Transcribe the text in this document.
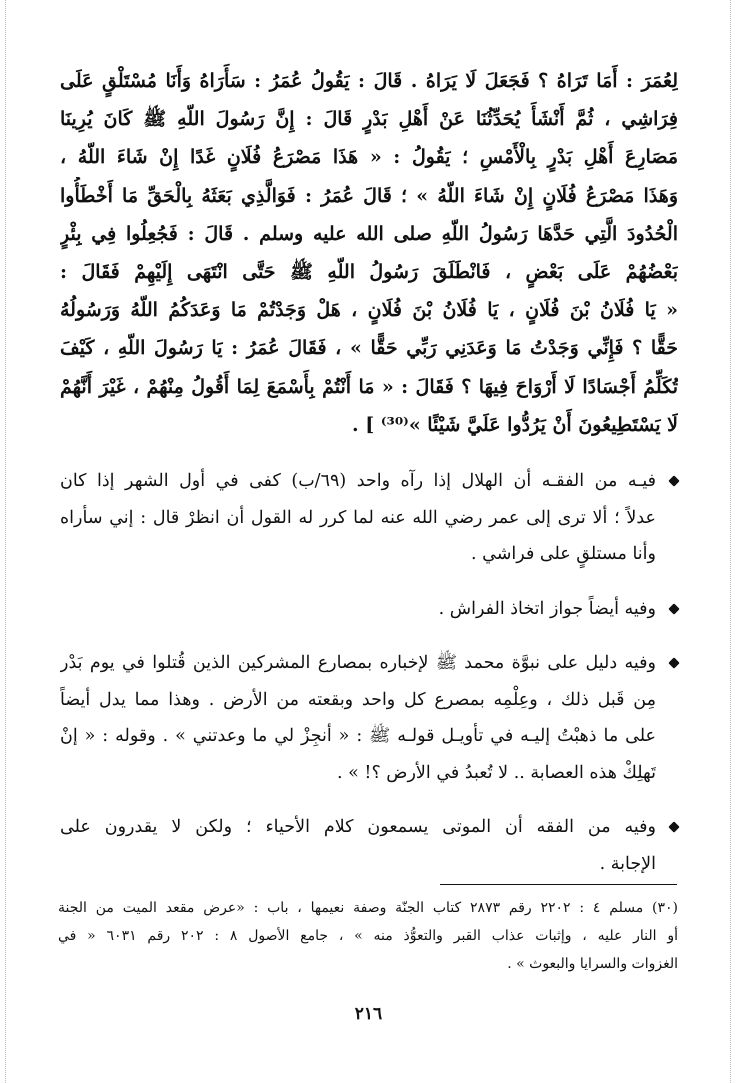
لِعُمَرَ : أَمَا تَرَاهُ ؟ فَجَعَلَ لَا يَرَاهُ . قَالَ : يَقُولُ عُمَرُ : سَأَرَاهُ وَأَنَا مُسْتَلْقٍ عَلَى
فِرَاشِي ، ثُمَّ أَنْشَأَ يُحَدِّثُنَا عَنْ أَهْلِ بَدْرٍ قَالَ : إِنَّ رَسُولَ اللّهِ ﷺ كَانَ يُرِينَا
مَصَارِعَ أَهْلِ بَدْرٍ بِالْأَمْسِ ؛ يَقُولُ : « هَذَا مَصْرَعُ فُلَانٍ غَدًا إِنْ شَاءَ اللّهُ ،
وَهَذَا مَصْرَعُ فُلَانٍ إِنْ شَاءَ اللّهُ » ؛ قَالَ عُمَرُ : فَوَالَّذِي بَعَثَهُ بِالْحَقِّ مَا أَخْطَأُوا
الْحُدُودَ الَّتِي حَدَّهَا رَسُولُ اللّهِ صلى الله عليه وسلم . قَالَ : فَجُعِلُوا فِي بِئْرٍ
بَعْضُهُمْ عَلَى بَعْضٍ ، فَانْطَلَقَ رَسُولُ اللّهِ ﷺ حَتَّى انْتَهَى إِلَيْهِمْ فَقَالَ :
« يَا فُلَانُ بْنَ فُلَانٍ ، يَا فُلَانُ بْنَ فُلَانٍ ، هَلْ وَجَدْتُمْ مَا وَعَدَكُمُ اللّهُ وَرَسُولُهُ
حَقًّا ؟ فَإِنِّي وَجَدْتُ مَا وَعَدَنِي رَبِّي حَقًّا » ، فَقَالَ عُمَرُ : يَا رَسُولَ اللّهِ ، كَيْفَ
تُكَلِّمُ أَجْسَادًا لَا أَرْوَاحَ فِيهَا ؟ فَقَالَ : « مَا أَنْتُمْ بِأَسْمَعَ لِمَا أَقُولُ مِنْهُمْ ، غَيْرَ أَنَّهُمْ
لَا يَسْتَطِيعُونَ أَنْ يَرُدُّوا عَلَيَّ شَيْئًا »⁽³⁰⁾ ] .
فيـه من الفقـه أن الهلال إذا رآه واحد (٦٩/ب) كفى في أول الشهر إذا كان
عدلاً ؛ ألا ترى إلى عمر رضي الله عنه لما كرر له القول أن انظرْ قال : إني سأراه
وأنا مستلقٍ على فراشي .
وفيه أيضاً جواز اتخاذ الفراش .
وفيه دليل على نبوَّة محمد ﷺ لإخباره بمصارع المشركين الذين قُتلوا في يوم بَدْر
مِن قَبل ذلك ، وعِلْمِه بمصرع كل واحد وبقعته من الأرض . وهذا مما يدل أيضاً
على ما ذهبْتُ إليـه في تأويـل قولـه ﷺ : « أنجِزْ لي ما وعدتني » . وقوله : « إنْ
تَهلِكْ هذه العصابة .. لا تُعبدُ في الأرض ؟! » .
وفيه من الفقه أن الموتى يسمعون كلام الأحياء ؛ ولكن لا يقدرون على
الإجابة .
(٣٠) مسلم ٤ : ٢٢٠٢ رقم ٢٨٧٣ كتاب الجنّة وصفة نعيمها ، باب : «عرض مقعد الميت من الجنة
أو النار عليه ، وإثبات عذاب القبر والتعوُّذ منه » ، جامع الأصول ٨ : ٢٠٢ رقم ٦٠٣١ « في
الغزوات والسرايا والبعوث » .
٢١٦
